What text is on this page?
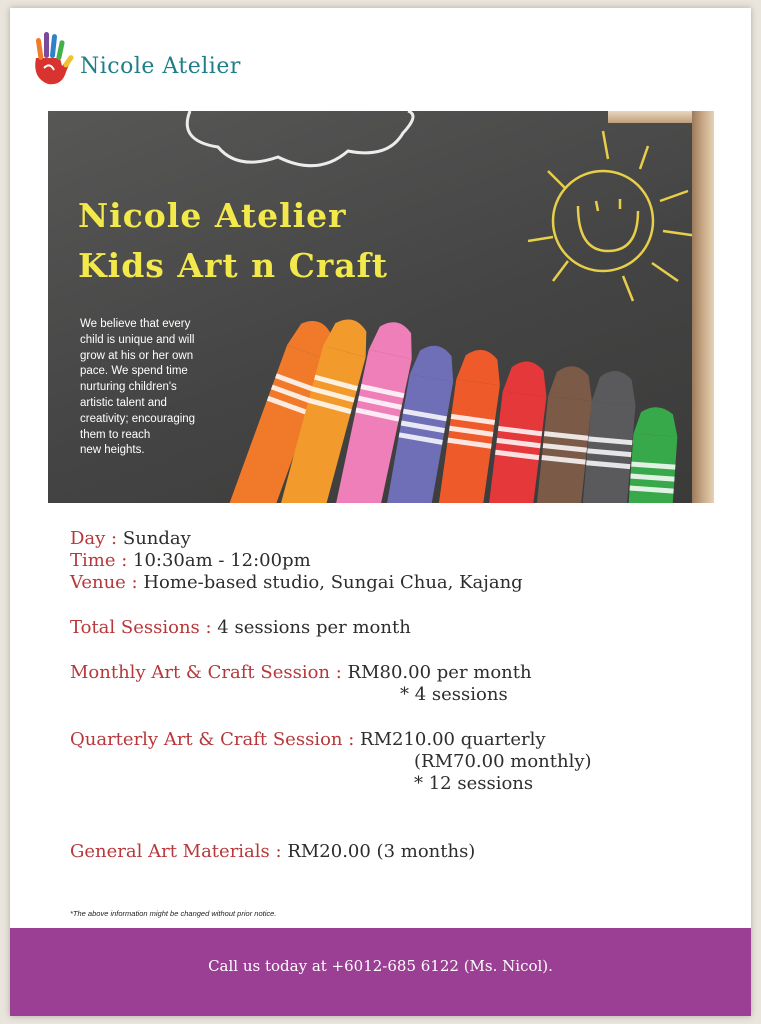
Nicole Atelier
Nicole Atelier
Kids Art n Craft
We believe that every
child is unique and will
grow at his or her own
pace. We spend time
nurturing children's
artistic talent and
creativity; encouraging
them to reach
new heights.
Day : Sunday
Time : 10:30am - 12:00pm
Venue : Home-based studio, Sungai Chua, Kajang
Total Sessions : 4 sessions per month
Monthly Art & Craft Session : RM80.00 per month
* 4 sessions
Quarterly Art & Craft Session : RM210.00 quarterly
(RM70.00 monthly)
* 12 sessions
General Art Materials : RM20.00 (3 months)
*The above information might be changed without prior notice.
Call us today at +6012-685 6122 (Ms. Nicol).
